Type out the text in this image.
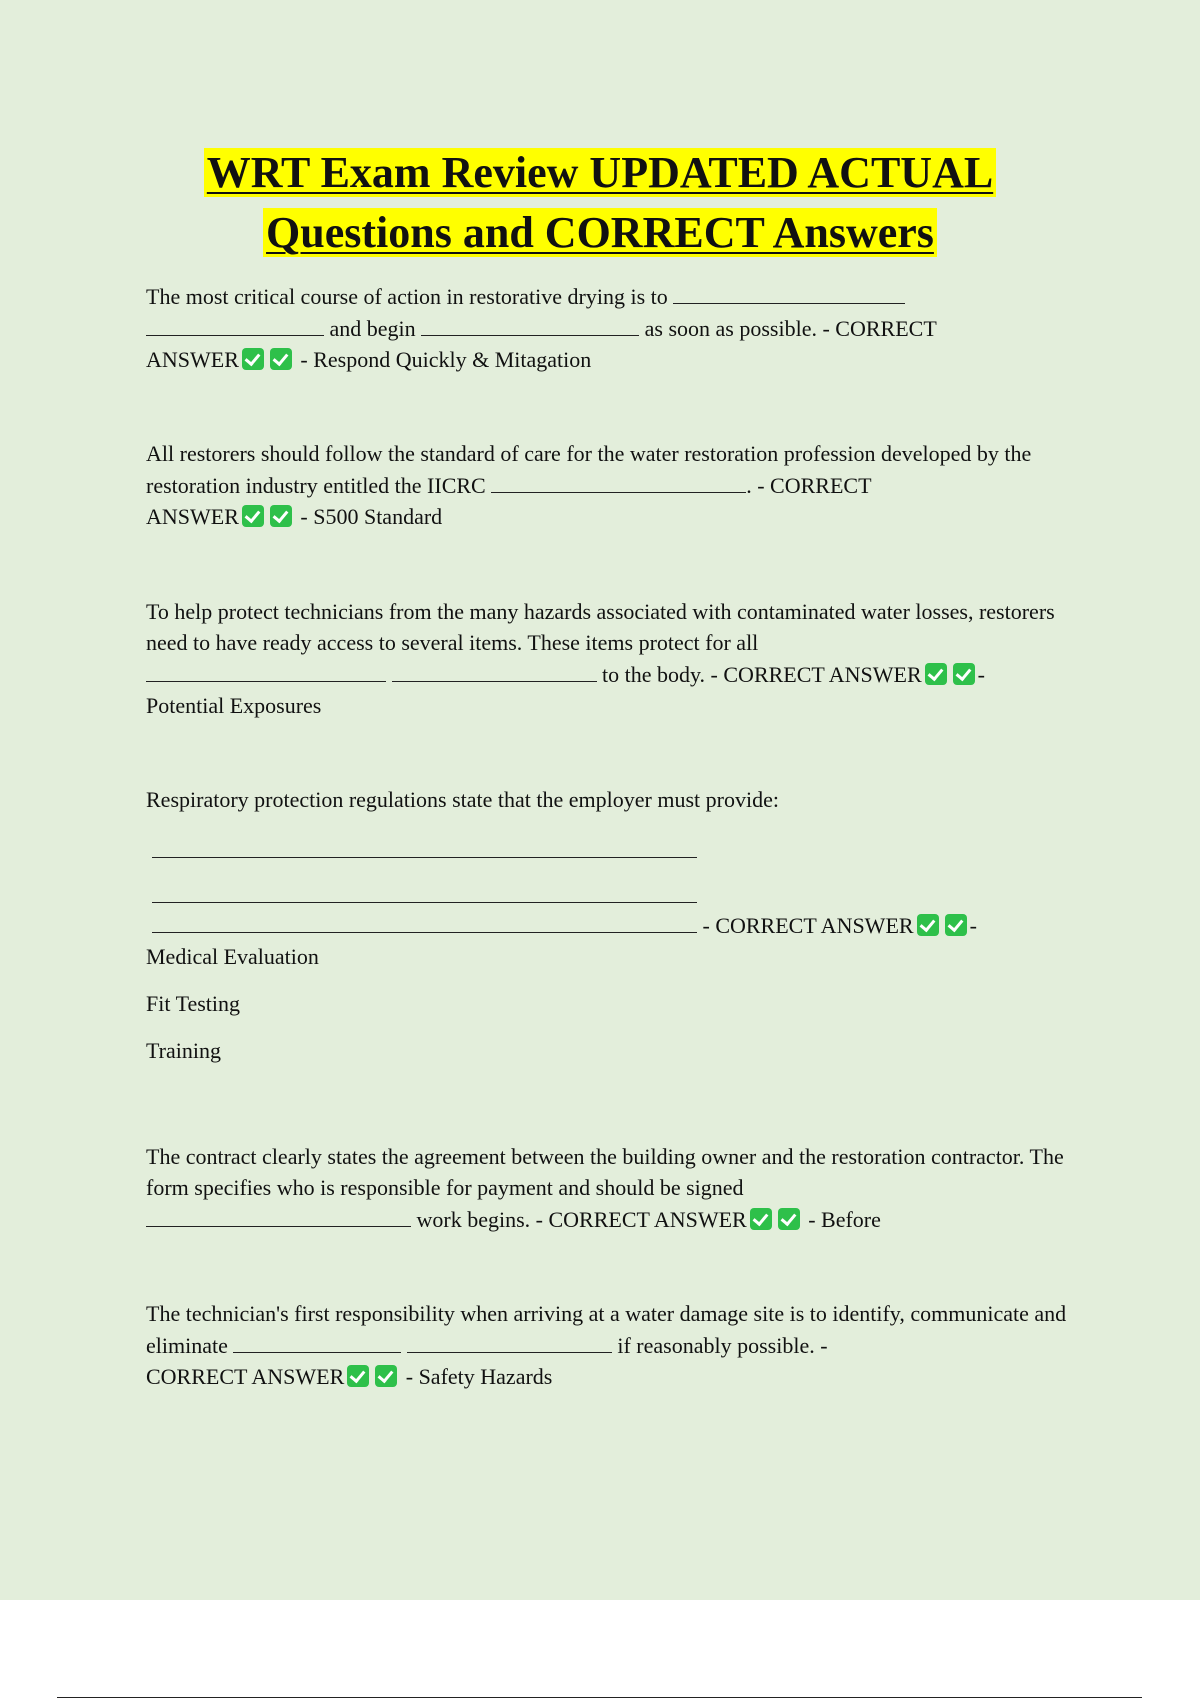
WRT Exam Review UPDATED ACTUAL
Questions and CORRECT Answers

The most critical course of action in restorative drying is to
and begin	as soon as possible. - CORRECT
ANSWER	- Respond Quickly & Mitagation

All restorers should follow the standard of care for the water restoration profession developed by the restoration industry entitled the IICRC	. - CORRECT
ANSWER	- S500 Standard

To help protect technicians from the many hazards associated with contaminated water losses, restorers need to have ready access to several items. These items protect for all
to the body. - CORRECT ANSWER	-
Potential Exposures

Respiratory protection regulations state that the employer must provide:

- CORRECT ANSWER	-

Medical Evaluation

Fit Testing

Training

The contract clearly states the agreement between the building owner and the restoration contractor. The form specifies who is responsible for payment and should be signed
work begins. - CORRECT ANSWER	- Before

The technician's first responsibility when arriving at a water damage site is to identify, communicate and eliminate	if reasonably possible. -
CORRECT ANSWER	- Safety Hazards
